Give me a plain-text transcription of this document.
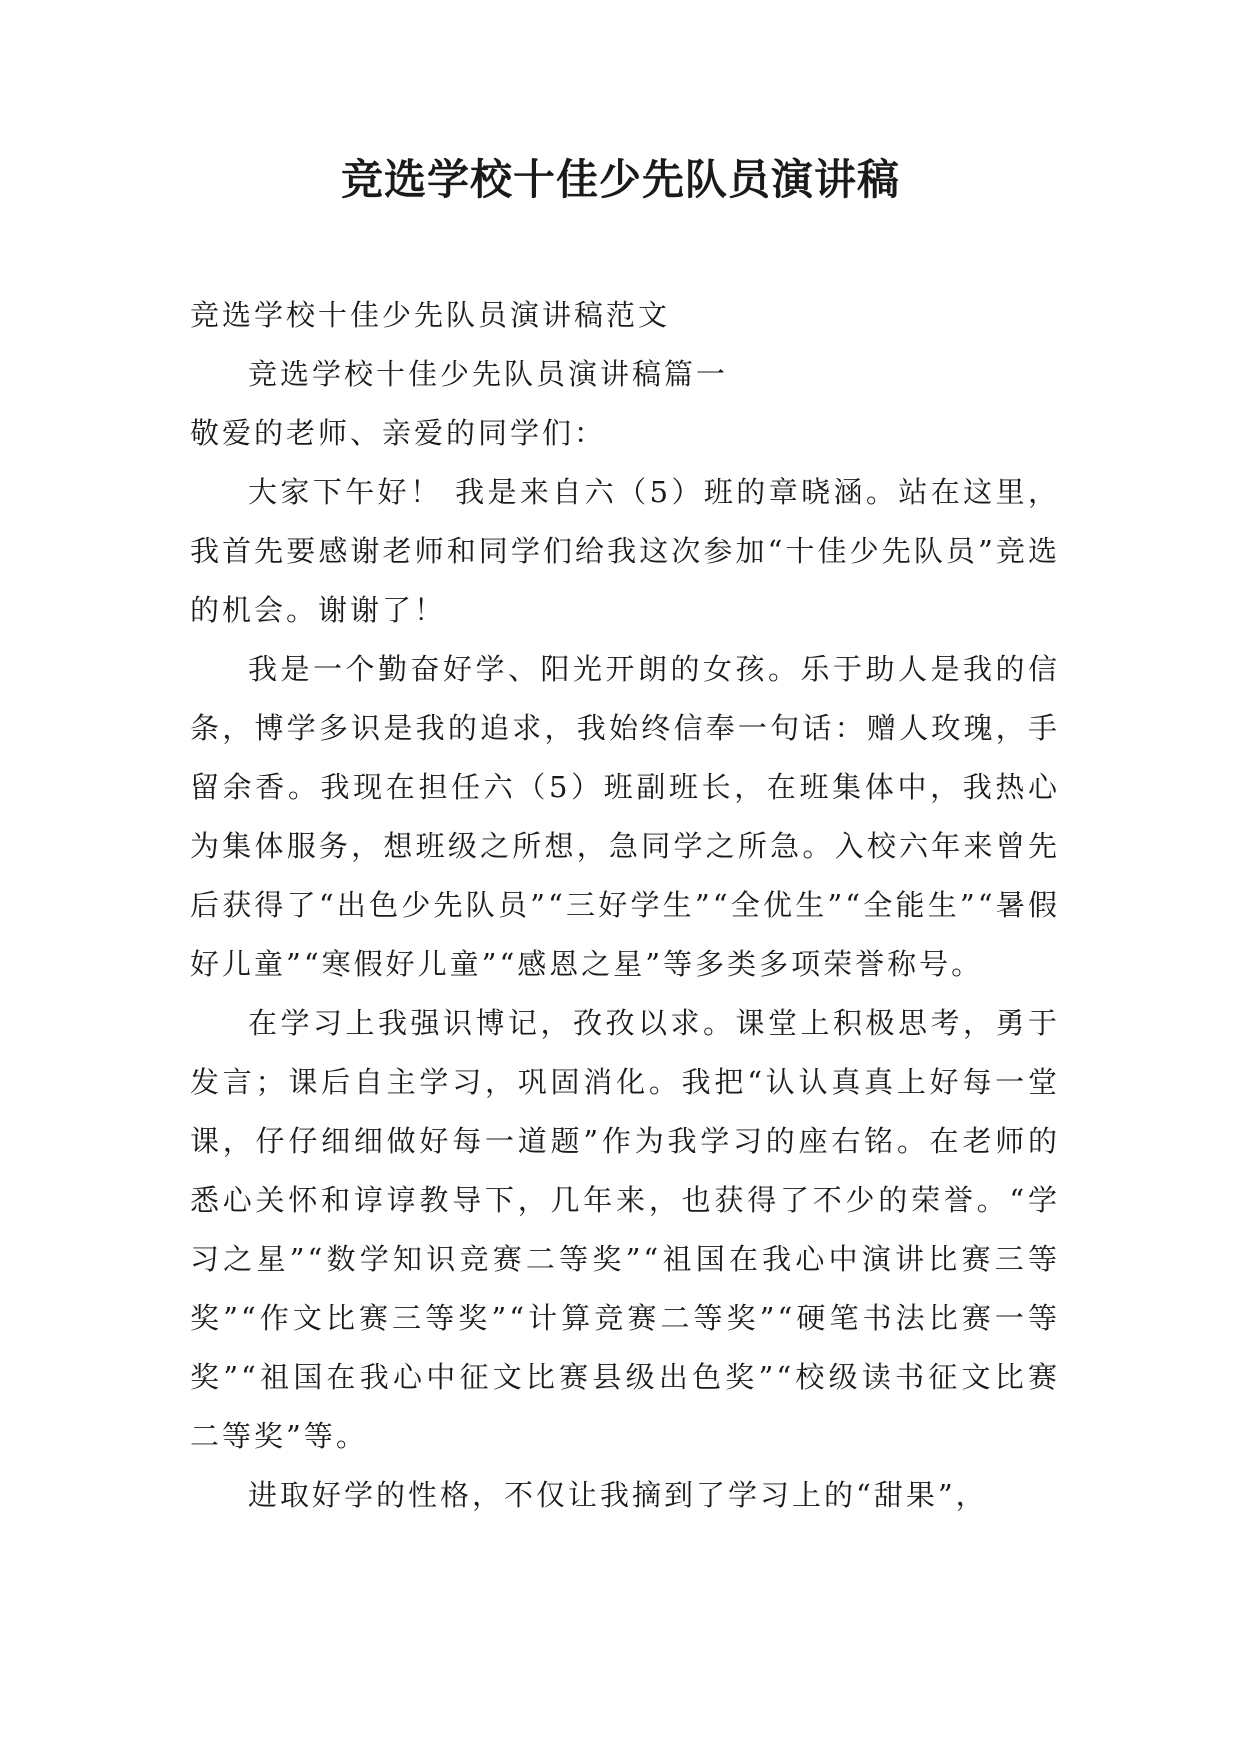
竞选学校十佳少先队员演讲稿

竞选学校十佳少先队员演讲稿范文

竞选学校十佳少先队员演讲稿篇一

敬爱的老师、亲爱的同学们：

大家下午好！ 我是来自六（5）班的章晓涵。站在这里，我首先要感谢老师和同学们给我这次参加“十佳少先队员”竞选的机会。谢谢了！

我是一个勤奋好学、阳光开朗的女孩。乐于助人是我的信条，博学多识是我的追求，我始终信奉一句话：赠人玫瑰，手留余香。我现在担任六（5）班副班长，在班集体中，我热心为集体服务，想班级之所想，急同学之所急。入校六年来曾先后获得了“出色少先队员”“三好学生”“全优生”“全能生”“暑假好儿童”“寒假好儿童”“感恩之星”等多类多项荣誉称号。

在学习上我强识博记，孜孜以求。课堂上积极思考，勇于发言；课后自主学习，巩固消化。我把“认认真真上好每一堂课，仔仔细细做好每一道题”作为我学习的座右铭。在老师的悉心关怀和谆谆教导下，几年来，也获得了不少的荣誉。“学习之星”“数学知识竞赛二等奖”“祖国在我心中演讲比赛三等奖”“作文比赛三等奖”“计算竞赛二等奖”“硬笔书法比赛一等奖”“祖国在我心中征文比赛县级出色奖”“校级读书征文比赛二等奖”等。

进取好学的性格，不仅让我摘到了学习上的“甜果”，
